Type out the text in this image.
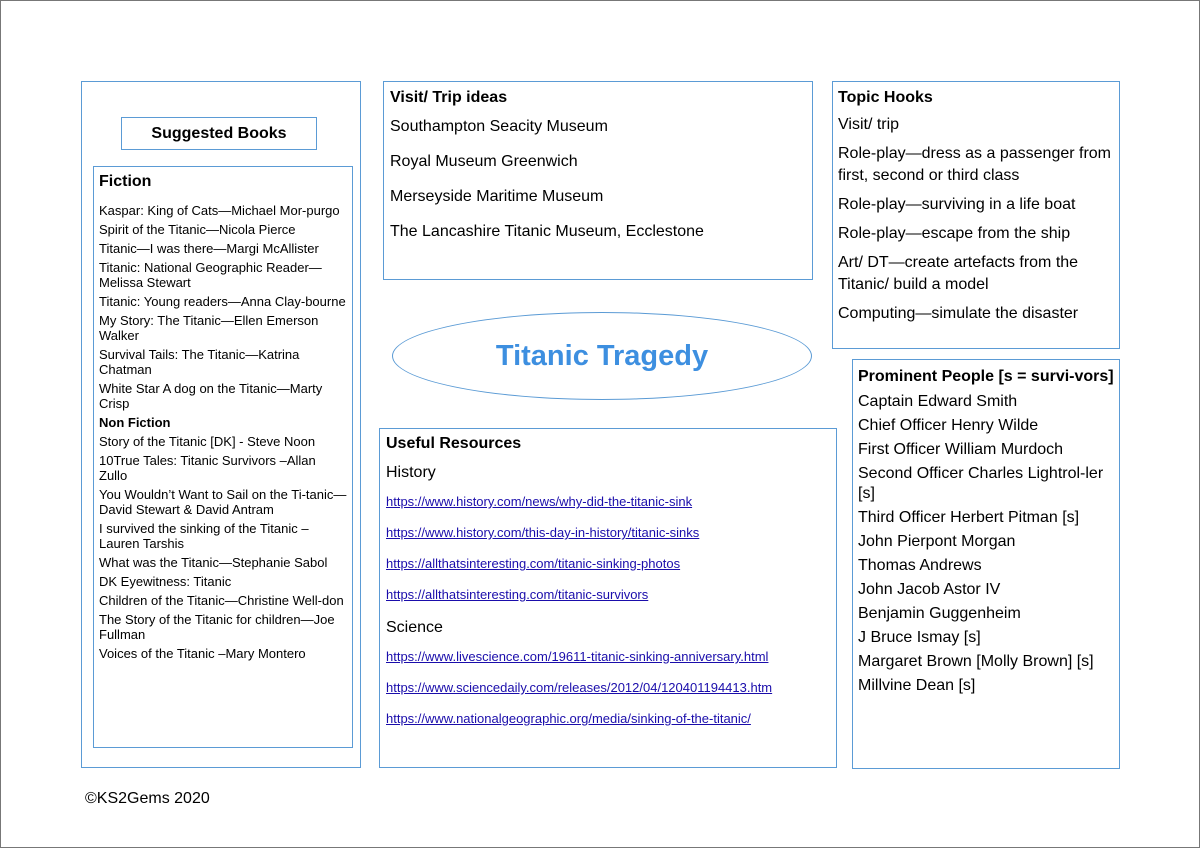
Suggested Books
Fiction
Kaspar: King of Cats—Michael Mor-purgo
Spirit of the Titanic—Nicola Pierce
Titanic—I was there—Margi McAllister
Titanic: National Geographic Reader—Melissa Stewart
Titanic: Young readers—Anna Clay-bourne
My Story: The Titanic—Ellen Emerson Walker
Survival Tails: The Titanic—Katrina Chatman
White Star A dog on the Titanic—Marty Crisp
Non Fiction
Story of the Titanic [DK] - Steve Noon
10True Tales: Titanic Survivors –Allan Zullo
You Wouldn’t Want to Sail on the Ti-tanic—David Stewart & David Antram
I survived the sinking of the Titanic –Lauren Tarshis
What was the Titanic—Stephanie Sabol
DK Eyewitness: Titanic
Children of the Titanic—Christine Well-don
The Story of the Titanic for children—Joe Fullman
Voices of the Titanic –Mary Montero
Visit/ Trip ideas
Southampton Seacity Museum
Royal Museum Greenwich
Merseyside Maritime Museum
The Lancashire Titanic Museum, Ecclestone
Titanic Tragedy
Useful Resources
History
https://www.history.com/news/why-did-the-titanic-sink
https://www.history.com/this-day-in-history/titanic-sinks
https://allthatsinteresting.com/titanic-sinking-photos
https://allthatsinteresting.com/titanic-survivors
Science
https://www.livescience.com/19611-titanic-sinking-anniversary.html
https://www.sciencedaily.com/releases/2012/04/120401194413.htm
https://www.nationalgeographic.org/media/sinking-of-the-titanic/
Topic Hooks
Visit/ trip
Role-play—dress as a passenger from first, second or third class
Role-play—surviving in a life boat
Role-play—escape from the ship
Art/ DT—create artefacts from the Titanic/ build a model
Computing—simulate the disaster
Prominent People [s = survi-vors]
Captain Edward Smith
Chief Officer Henry Wilde
First Officer William Murdoch
Second Officer Charles Lightrol-ler [s]
Third Officer Herbert Pitman [s]
John Pierpont Morgan
Thomas Andrews
John Jacob Astor IV
Benjamin Guggenheim
J Bruce Ismay [s]
Margaret Brown [Molly Brown] [s]
Millvine Dean [s]
©KS2Gems 2020
